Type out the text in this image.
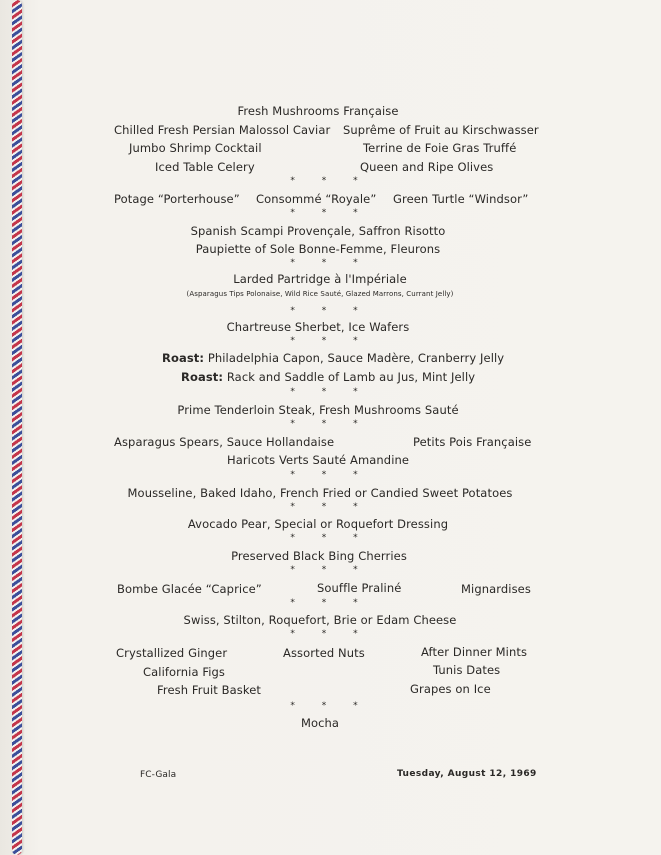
Fresh Mushrooms Française
Chilled Fresh Persian Malossol Caviar Suprême of Fruit au Kirschwasser
Jumbo Shrimp Cocktail	Terrine de Foie Gras Truffé
Iced Table Celery	Queen and Ripe Olives
* * *
Potage “Porterhouse” Consommé “Royale” Green Turtle “Windsor”
* * *
Spanish Scampi Provençale, Saffron Risotto
Paupiette of Sole Bonne-Femme, Fleurons
* * *
Larded Partridge à l'Impériale
(Asparagus Tips Polonaise, Wild Rice Sauté, Glazed Marrons, Currant Jelly)
* * *
Chartreuse Sherbet, Ice Wafers
* * *
Roast: Philadelphia Capon, Sauce Madère, Cranberry Jelly
Roast: Rack and Saddle of Lamb au Jus, Mint Jelly
* * *
Prime Tenderloin Steak, Fresh Mushrooms Sauté
* * *
Asparagus Spears, Sauce Hollandaise	Petits Pois Française
Haricots Verts Sauté Amandine
* * *
Mousseline, Baked Idaho, French Fried or Candied Sweet Potatoes
* * *
Avocado Pear, Special or Roquefort Dressing
* * *
Preserved Black Bing Cherries
* * *
Bombe Glacée “Caprice”	Souffle Praliné	Mignardises
* * *
Swiss, Stilton, Roquefort, Brie or Edam Cheese
* * *
Crystallized Ginger	Assorted Nuts	After Dinner Mints
California Figs	Tunis Dates
Fresh Fruit Basket	Grapes on Ice
* * *
Mocha
FC-Gala	Tuesday, August 12, 1969
